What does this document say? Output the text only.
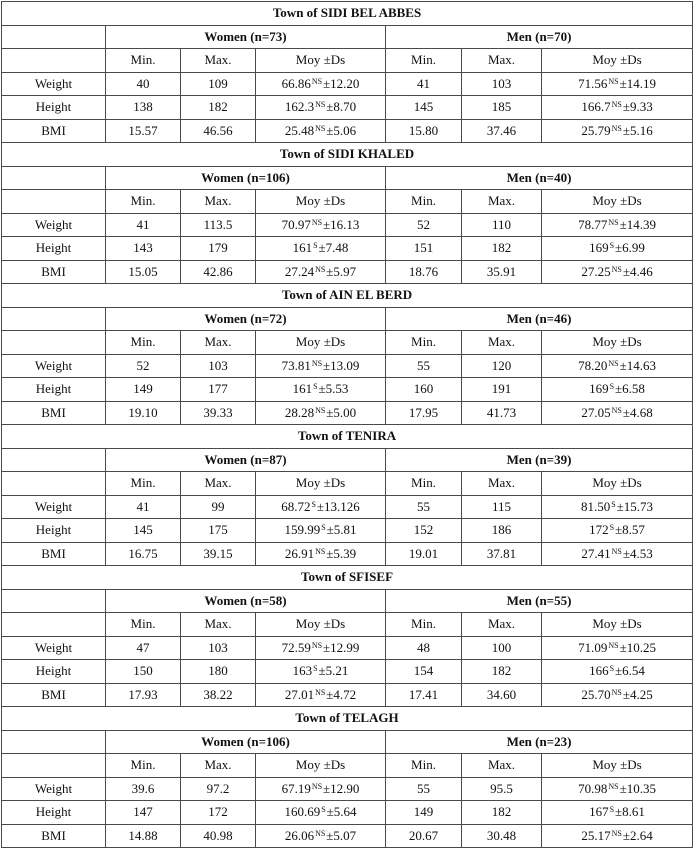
Town of SIDI BEL ABBES						
	Women (n=73)			Men (n=70)		
	Min.	Max.	Moy ±Ds	Min.	Max.	Moy ±Ds
Weight	40	109	$66.86^{NS}\pm 12.20$	41	103	$71.56^{NS}\pm 14.19$
Height	138	182	$162.3^{NS}\pm 8.70$	145	185	$166.7^{NS}\pm 9.33$
BMI	15.57	46.56	$25.48^{NS}\pm 5.06$	15.80	37.46	$25.79^{NS}\pm 5.16$
Town of SIDI KHALED						
	Women (n=106)			Men (n=40)		
	Min.	Max.	Moy ±Ds	Min.	Max.	Moy ±Ds
Weight	41	113.5	$70.97^{NS}\pm 16.13$	52	110	$78.77^{NS}\pm 14.39$
Height	143	179	$161^S\pm 7.48$	151	182	$169^S\pm 6.99$
BMI	15.05	42.86	$27.24^{NS}\pm 5.97$	18.76	35.91	$27.25^{NS}\pm 4.46$
Town of AIN EL BERD						
	Women (n=72)			Men (n=46)		
	Min.	Max.	Moy ±Ds	Min.	Max.	Moy ±Ds
Weight	52	103	$73.81^{NS}\pm 13.09$	55	120	$78.20^{NS}\pm 14.63$
Height	149	177	$161^S\pm 5.53$	160	191	$169^S\pm 6.58$
BMI	19.10	39.33	$28.28^{NS}\pm 5.00$	17.95	41.73	$27.05^{NS}\pm 4.68$
Town of TENIRA						
	Women (n=87)			Men (n=39)		
	Min.	Max.	Moy ±Ds	Min.	Max.	Moy ±Ds
Weight	41	99	$68.72^S\pm 13.126$	55	115	$81.50^S\pm 15.73$
Height	145	175	$159.99^S\pm 5.81$	152	186	$172^S\pm 8.57$
BMI	16.75	39.15	$26.91^{NS}\pm 5.39$	19.01	37.81	$27.41^{NS}\pm 4.53$
Town of SFISEF						
	Women (n=58)			Men (n=55)		
	Min.	Max.	Moy ±Ds	Min.	Max.	Moy ±Ds
Weight	47	103	$72.59^{NS}\pm 12.99$	48	100	$71.09^{NS}\pm 10.25$
Height	150	180	$163^S\pm 5.21$	154	182	$166^S\pm 6.54$
BMI	17.93	38.22	$27.01^{NS}\pm 4.72$	17.41	34.60	$25.70^{NS}\pm 4.25$
Town of TELAGH						
	Women (n=106)			Men (n=23)		
	Min.	Max.	Moy ±Ds	Min.	Max.	Moy ±Ds
Weight	39.6	97.2	$67.19^{NS}\pm 12.90$	55	95.5	$70.98^{NS}\pm 10.35$
Height	147	172	$160.69^S\pm 5.64$	149	182	$167^S\pm 8.61$
BMI	14.88	40.98	$26.06^{NS}\pm 5.07$	20.67	30.48	$25.17^{NS}\pm 2.64$
